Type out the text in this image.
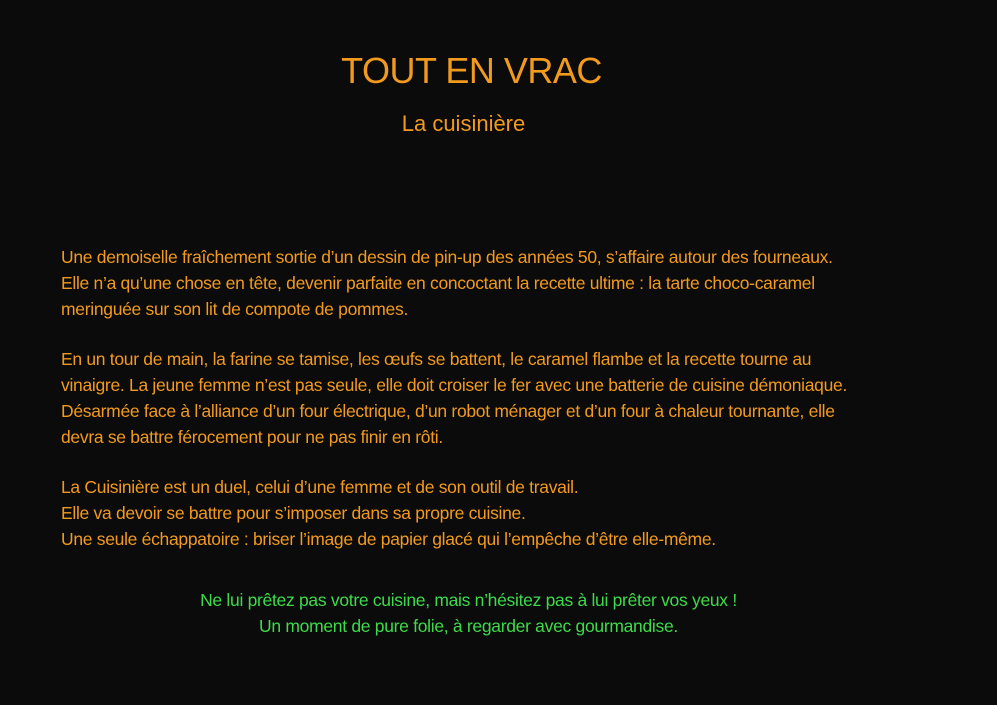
TOUT EN VRAC
La cuisinière

Une demoiselle fraîchement sortie d’un dessin de pin-up des années 50, s’affaire autour des fourneaux.
Elle n’a qu’une chose en tête, devenir parfaite en concoctant la recette ultime : la tarte choco-caramel
meringuée sur son lit de compote de pommes.

En un tour de main, la farine se tamise, les œufs se battent, le caramel flambe et la recette tourne au
vinaigre. La jeune femme n’est pas seule, elle doit croiser le fer avec une batterie de cuisine démoniaque.
Désarmée face à l’alliance d’un four électrique, d’un robot ménager et d’un four à chaleur tournante, elle
devra se battre férocement pour ne pas finir en rôti.

La Cuisinière est un duel, celui d’une femme et de son outil de travail.
Elle va devoir se battre pour s’imposer dans sa propre cuisine.
Une seule échappatoire : briser l’image de papier glacé qui l’empêche d’être elle-même.

Ne lui prêtez pas votre cuisine, mais n’hésitez pas à lui prêter vos yeux !
Un moment de pure folie, à regarder avec gourmandise.
